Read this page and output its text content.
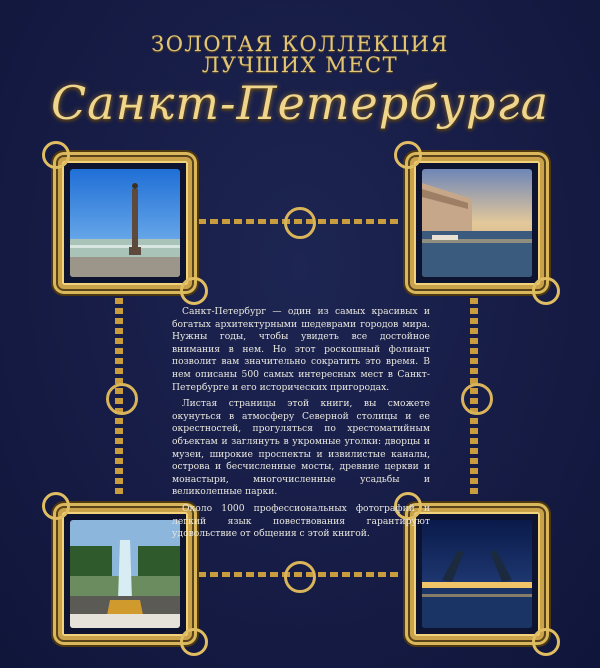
ЗОЛОТАЯ КОЛЛЕКЦИЯ
ЛУЧШИХ МЕСТ
Санкт-Петербурга

Санкт-Петербург — один из самых красивых и богатых архитектурными шедеврами городов мира. Нужны годы, чтобы увидеть все достойное внимания в нем. Но этот роскошный фолиант позволит вам значительно сократить это время. В нем описаны 500 самых интересных мест в Санкт-Петербурге и его исторических пригородах.

Листая страницы этой книги, вы сможете окунуться в атмосферу Северной столицы и ее окрестностей, прогуляться по хрестоматийным объектам и заглянуть в укромные уголки: дворцы и музеи, широкие проспекты и извилистые каналы, острова и бесчисленные мосты, древние церкви и монастыри, многочисленные усадьбы и великолепные парки.

Около 1000 профессиональных фотографий и легкий язык повествования гарантируют удовольствие от общения с этой книгой.
